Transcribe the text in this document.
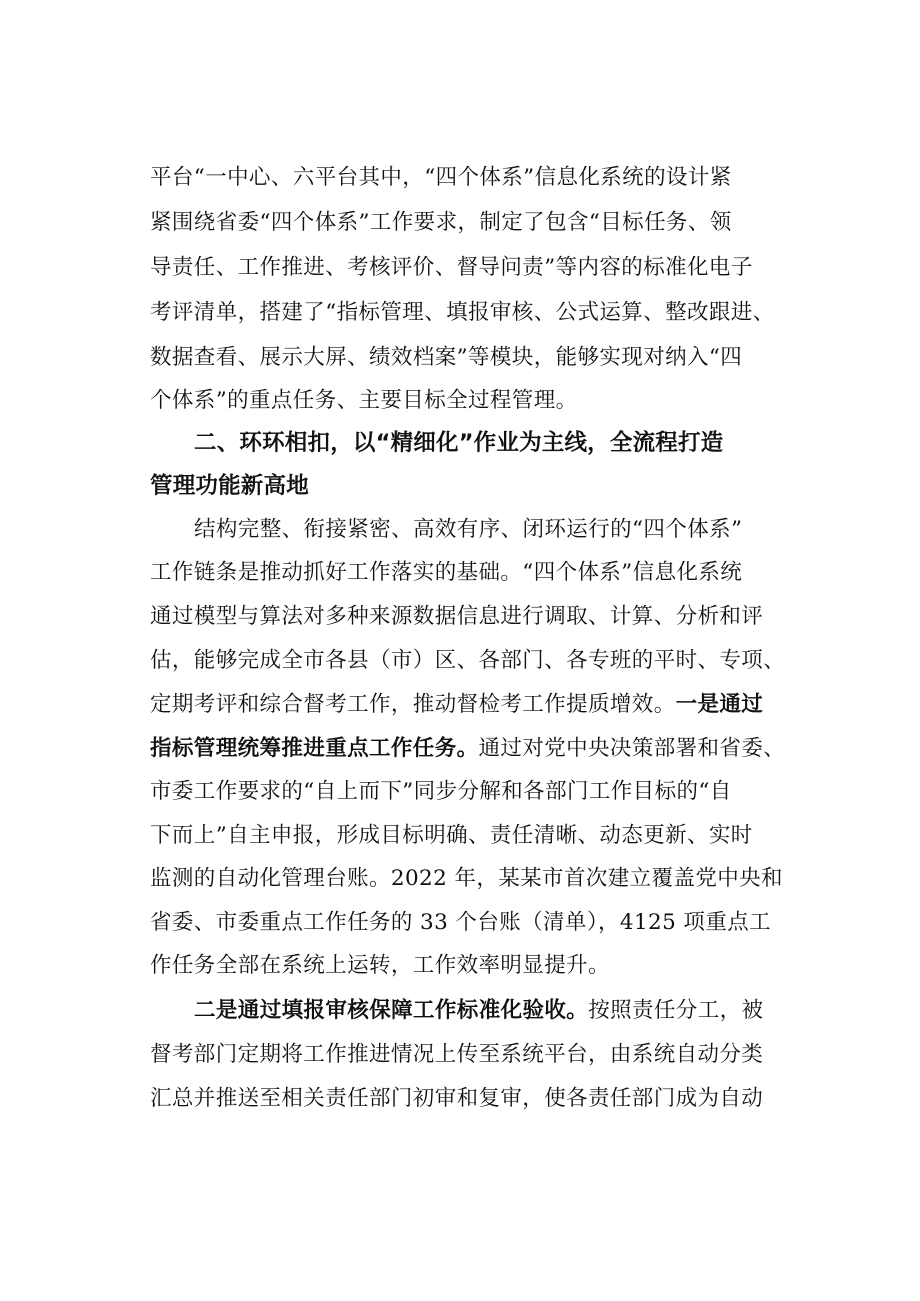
平台“一中心、六平台其中，“四个体系”信息化系统的设计紧
紧围绕省委“四个体系”工作要求，制定了包含“目标任务、领
导责任、工作推进、考核评价、督导问责”等内容的标准化电子
考评清单，搭建了“指标管理、填报审核、公式运算、整改跟进、
数据查看、展示大屏、绩效档案”等模块，能够实现对纳入“四
个体系”的重点任务、主要目标全过程管理。
二、环环相扣，以“精细化”作业为主线，全流程打造
管理功能新高地
结构完整、衔接紧密、高效有序、闭环运行的“四个体系”
工作链条是推动抓好工作落实的基础。“四个体系”信息化系统
通过模型与算法对多种来源数据信息进行调取、计算、分析和评
估，能够完成全市各县（市）区、各部门、各专班的平时、专项、
定期考评和综合督考工作，推动督检考工作提质增效。一是通过
指标管理统筹推进重点工作任务。通过对党中央决策部署和省委、
市委工作要求的“自上而下”同步分解和各部门工作目标的“自
下而上”自主申报，形成目标明确、责任清晰、动态更新、实时
监测的自动化管理台账。2022 年，某某市首次建立覆盖党中央和
省委、市委重点工作任务的 33 个台账（清单），4125 项重点工
作任务全部在系统上运转，工作效率明显提升。
二是通过填报审核保障工作标准化验收。按照责任分工，被
督考部门定期将工作推进情况上传至系统平台，由系统自动分类
汇总并推送至相关责任部门初审和复审，使各责任部门成为自动
